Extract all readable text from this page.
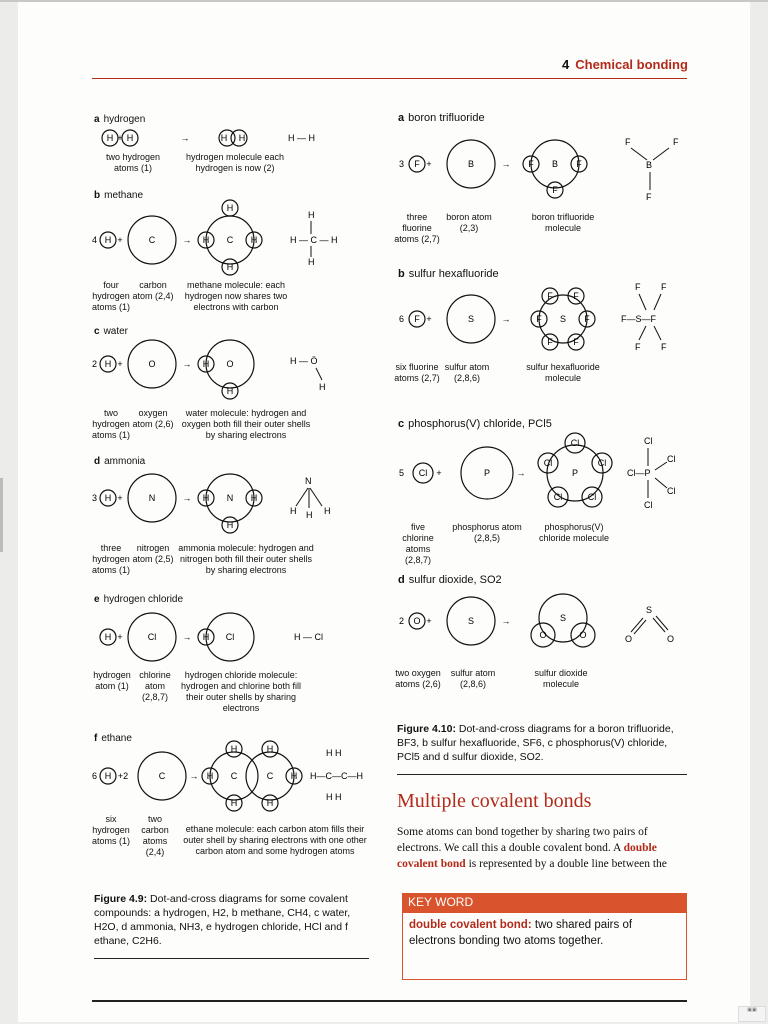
4 Chemical bonding
H + H	→	H H	H — H
4 H +	C	→	C
H	H
H
H
H
H — C — H
H
2 H +	O	→	O
H
H
H — Ö
H
3 H +	N	→	N
H	H
H
N
H H H
H +	Cl	→	Cl
H	H — Cl
6 H +2	C	→	C	C
H	H
H	H
H	H
H H
H—C—C—H
H H
a hydrogen
two hydrogen atoms (1)
hydrogen molecule each hydrogen is now (2)
b methane
four hydrogen atoms (1)
carbon atom (2,4)
methane molecule: each hydrogen now shares two electrons with carbon
c water
two hydrogen atoms (1)
oxygen atom (2,6)
water molecule: hydrogen and oxygen both fill their outer shells by sharing electrons
d ammonia
three hydrogen atoms (1)
nitrogen atom (2,5)
ammonia molecule: hydrogen and nitrogen both fill their outer shells by sharing electrons
e hydrogen chloride
hydrogen atom (1)
chlorine atom (2,8,7)
hydrogen chloride molecule: hydrogen and chlorine both fill their outer shells by sharing electrons
f ethane
six hydrogen atoms (1)
two carbon atoms (2,4)
ethane molecule: each carbon atom fills their outer shell by sharing electrons with one other carbon atom and some hydrogen atoms
Figure 4.9: Dot-and-cross diagrams for some covalent compounds: a hydrogen, H2, b methane, CH4, c water, H2O, d ammonia, NH3, e hydrogen chloride, HCl and f ethane, C2H6.
3 F +	B	→	B
F	F
F
F	F
B
F
6 F +	S	→	S
F	F
F F
F F
F F
F—S—F
F F
5 Cl +	P	→	P
Cl
Cl	Cl
Cl	Cl
Cl
Cl—P
Cl
Cl
Cl
2 O +	S	→	S
O	O
S
O	O
a boron trifluoride
three fluorine atoms (2,7)
boron atom (2,3)
boron trifluoride molecule
b sulfur hexafluoride
six fluorine atoms (2,7)
sulfur atom (2,8,6)
sulfur hexafluoride molecule
c phosphorus(V) chloride, PCl5
five chlorine atoms (2,8,7)
phosphorus atom (2,8,5)
phosphorus(V) chloride molecule
d sulfur dioxide, SO2
two oxygen atoms (2,6)
sulfur atom (2,8,6)
sulfur dioxide molecule
Figure 4.10: Dot-and-cross diagrams for a boron trifluoride, BF3, b sulfur hexafluoride, SF6, c phosphorus(V) chloride, PCl5 and d sulfur dioxide, SO2.
Multiple covalent bonds
Some atoms can bond together by sharing two pairs of electrons. We call this a double covalent bond. A double covalent bond is represented by a double line between the
KEY WORD
double covalent bond: two shared pairs of electrons bonding two atoms together.
▣▣
